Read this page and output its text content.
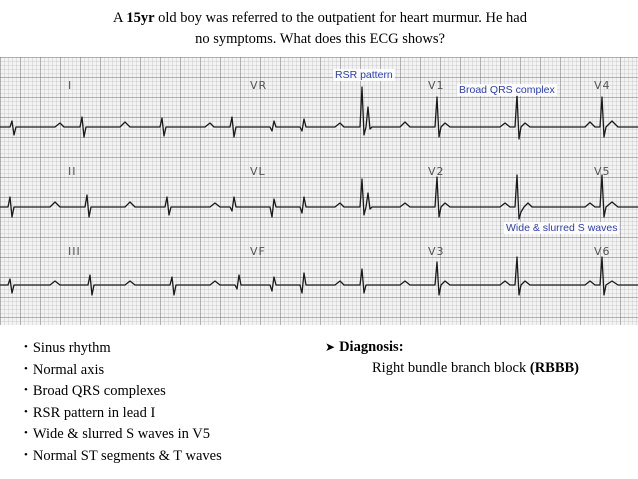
A 15yr old boy was referred to the outpatient for heart murmur. He had
no symptoms. What does this ECG shows?
I	VR	V1	V4
II	VL	V2	V5
III	VF	V3	V6
RSR pattern
Broad QRS complex
Wide & slurred S waves
• Sinus rhythm
• Normal axis
• Broad QRS complexes
• RSR pattern in lead I
• Wide & slurred S waves in V5
• Normal ST segments & T waves
➤ Diagnosis:
Right bundle branch block (RBBB)
